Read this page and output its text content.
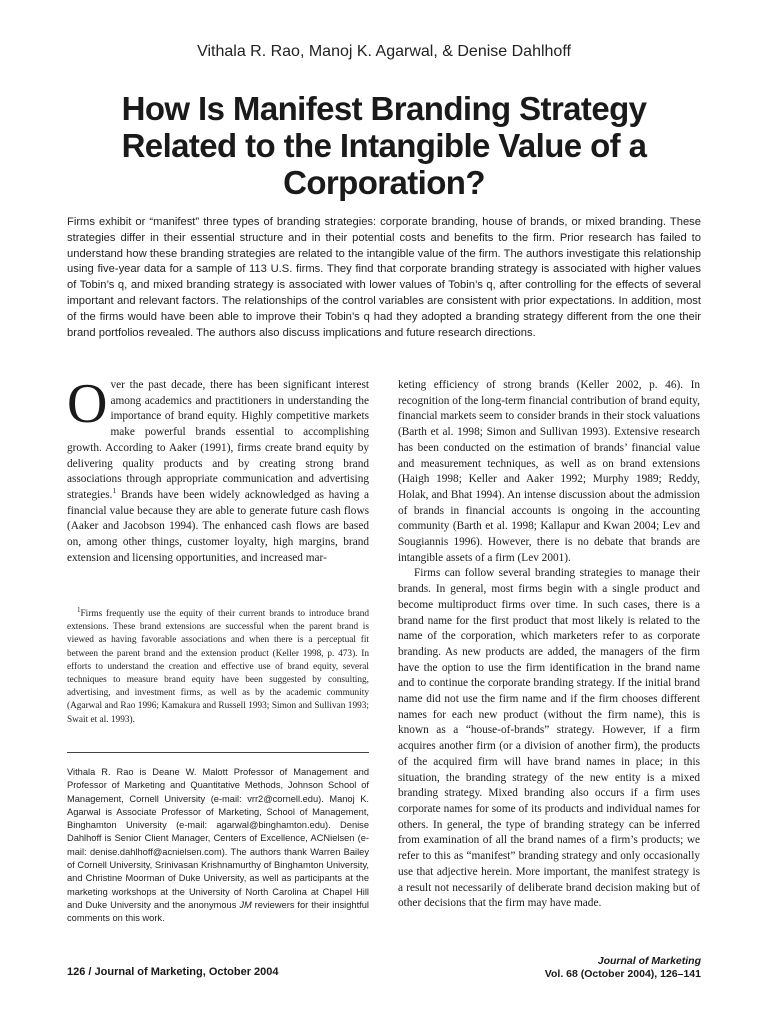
Vithala R. Rao, Manoj K. Agarwal, & Denise Dahlhoff
How Is Manifest Branding Strategy
Related to the Intangible Value of a
Corporation?
Firms exhibit or “manifest” three types of branding strategies: corporate branding, house of brands, or mixed branding. These strategies differ in their essential structure and in their potential costs and benefits to the firm. Prior research has failed to understand how these branding strategies are related to the intangible value of the firm. The authors investigate this relationship using five-year data for a sample of 113 U.S. firms. They find that corporate branding strategy is associated with higher values of Tobin’s q, and mixed branding strategy is associated with lower values of Tobin’s q, after controlling for the effects of several important and relevant factors. The relationships of the control variables are consistent with prior expectations. In addition, most of the firms would have been able to improve their Tobin’s q had they adopted a branding strategy different from the one their brand portfolios revealed. The authors also discuss implications and future research directions.

Over the past decade, there has been significant interest among academics and practitioners in understanding the importance of brand equity. Highly competitive markets make powerful brands essential to accomplishing growth. According to Aaker (1991), firms create brand equity by delivering quality products and by creating strong brand associations through appropriate communication and advertising strategies.$^1$ Brands have been widely acknowledged as having a financial value because they are able to generate future cash flows (Aaker and Jacobson 1994). The enhanced cash flows are based on, among other things, customer loyalty, high margins, brand extension and licensing opportunities, and increased mar-

$^1$Firms frequently use the equity of their current brands to introduce brand extensions. These brand extensions are successful when the parent brand is viewed as having favorable associations and when there is a perceptual fit between the parent brand and the extension product (Keller 1998, p. 473). In efforts to understand the creation and effective use of brand equity, several techniques to measure brand equity have been suggested by consulting, advertising, and investment firms, as well as by the academic community (Agarwal and Rao 1996; Kamakura and Russell 1993; Simon and Sullivan 1993; Swait et al. 1993).
Vithala R. Rao is Deane W. Malott Professor of Management and Professor of Marketing and Quantitative Methods, Johnson School of Management, Cornell University (e-mail: vrr2@cornell.edu). Manoj K. Agarwal is Associate Professor of Marketing, School of Management, Binghamton University (e-mail: agarwal@binghamton.edu). Denise Dahlhoff is Senior Client Manager, Centers of Excellence, ACNielsen (e-mail: denise.dahlhoff@acnielsen.com). The authors thank Warren Bailey of Cornell University, Srinivasan Krishnamurthy of Binghamton University, and Christine Moorman of Duke University, as well as participants at the marketing workshops at the University of North Carolina at Chapel Hill and Duke University and the anonymous JM reviewers for their insightful comments on this work.

keting efficiency of strong brands (Keller 2002, p. 46). In recognition of the long-term financial contribution of brand equity, financial markets seem to consider brands in their stock valuations (Barth et al. 1998; Simon and Sullivan 1993). Extensive research has been conducted on the estimation of brands’ financial value and measurement techniques, as well as on brand extensions (Haigh 1998; Keller and Aaker 1992; Murphy 1989; Reddy, Holak, and Bhat 1994). An intense discussion about the admission of brands in financial accounts is ongoing in the accounting community (Barth et al. 1998; Kallapur and Kwan 2004; Lev and Sougiannis 1996). However, there is no debate that brands are intangible assets of a firm (Lev 2001).

Firms can follow several branding strategies to manage their brands. In general, most firms begin with a single product and become multiproduct firms over time. In such cases, there is a brand name for the first product that most likely is related to the name of the corporation, which marketers refer to as corporate branding. As new products are added, the managers of the firm have the option to use the firm identification in the brand name and to continue the corporate branding strategy. If the initial brand name did not use the firm name and if the firm chooses different names for each new product (without the firm name), this is known as a “house-of-brands” strategy. However, if a firm acquires another firm (or a division of another firm), the products of the acquired firm will have brand names in place; in this situation, the branding strategy of the new entity is a mixed branding strategy. Mixed branding also occurs if a firm uses corporate names for some of its products and individual names for others. In general, the type of branding strategy can be inferred from examination of all the brand names of a firm’s products; we refer to this as “manifest” branding strategy and only occasionally use that adjective herein. More important, the manifest strategy is a result not necessarily of deliberate brand decision making but of other decisions that the firm may have made.

126 / Journal of Marketing, October 2004
Journal of Marketing
Vol. 68 (October 2004), 126–141
